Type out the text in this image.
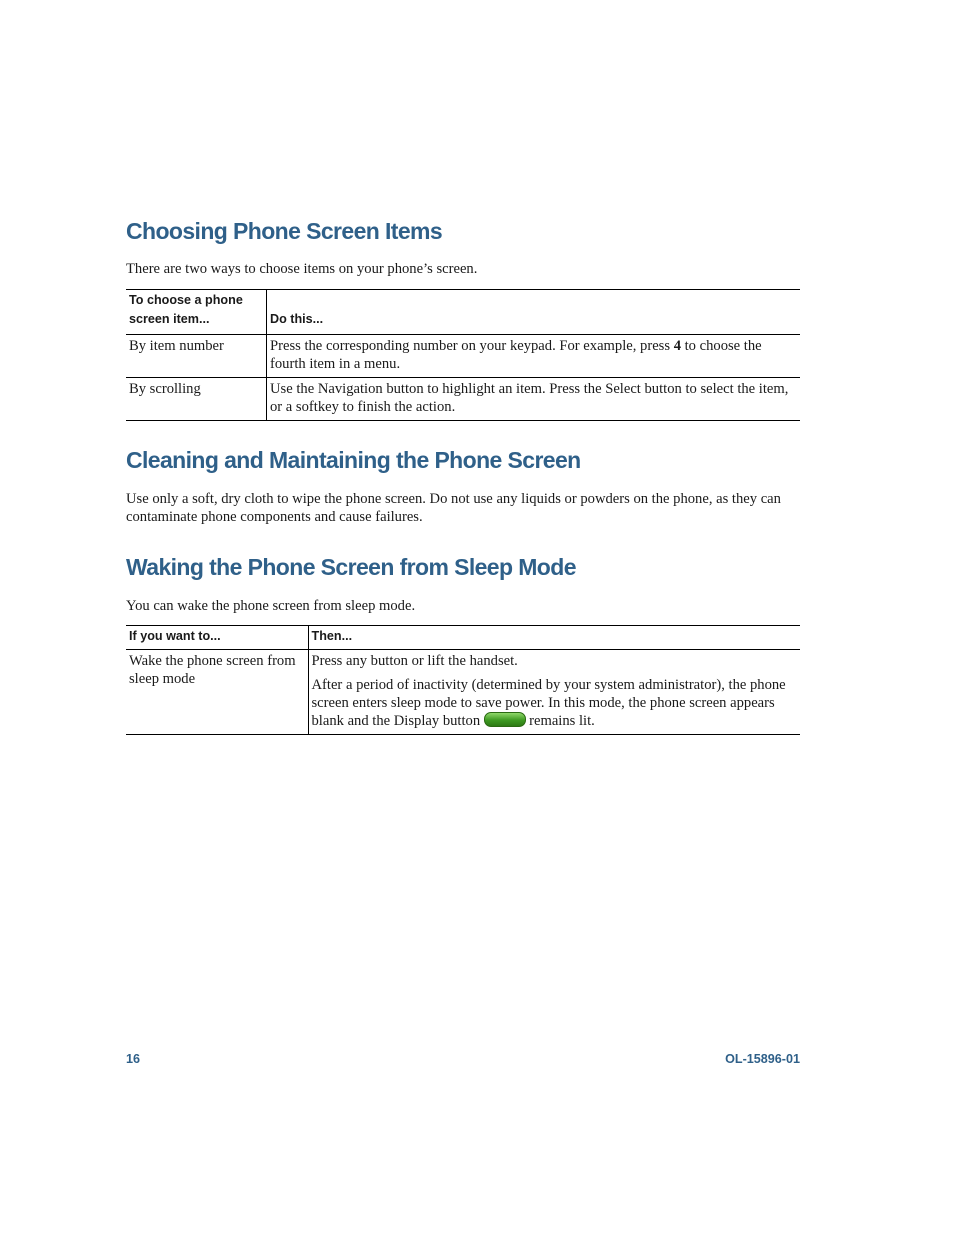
Choosing Phone Screen Items

There are two ways to choose items on your phone’s screen.

To choose a phone screen item...	Do this...
By item number	Press the corresponding number on your keypad. For example, press 4 to choose the fourth item in a menu.
By scrolling	Use the Navigation button to highlight an item. Press the Select button to select the item, or a softkey to finish the action.
Cleaning and Maintaining the Phone Screen

Use only a soft, dry cloth to wipe the phone screen. Do not use any liquids or powders on the phone, as they can contaminate phone components and cause failures.

Waking the Phone Screen from Sleep Mode

You can wake the phone screen from sleep mode.

If you want to...	Then...
Wake the phone screen from sleep mode	Press any button or lift the handset.
After a period of inactivity (determined by your system administrator), the phone screen enters sleep mode to save power. In this mode, the phone screen appears blank and the Display button remains lit.
16	OL-15896-01
